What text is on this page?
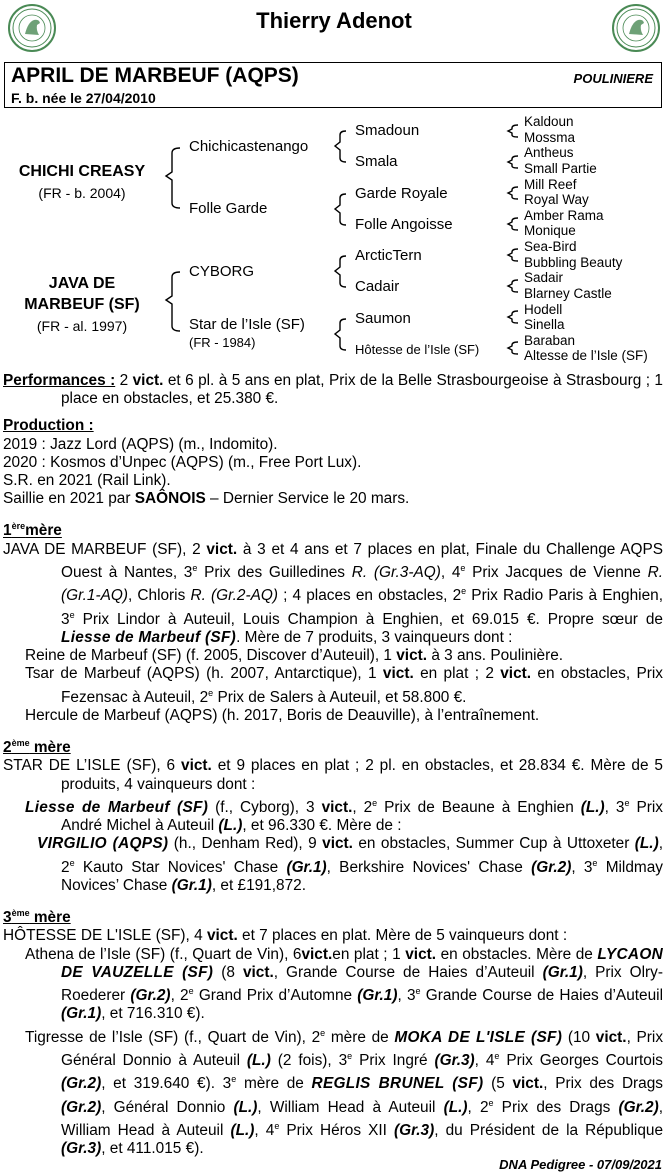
Thierry Adenot
APRIL DE MARBEUF (AQPS)	POULINIERE
F. b. née le 27/04/2010
CHICHI CREASY
(FR - b. 2004)
JAVA DE
MARBEUF (SF)
(FR - al. 1997)
Chichicastenango
Folle Garde
CYBORG
Star de l’Isle (SF)
(FR - 1984)
Smadoun
Smala
Garde Royale
Folle Angoisse
ArcticTern
Cadair
Saumon
Hôtesse de l’Isle (SF)
Kaldoun
Mossma
Antheus
Small Partie
Mill Reef
Royal Way
Amber Rama
Monique
Sea-Bird
Bubbling Beauty
Sadair
Blarney Castle
Hodell
Sinella
Baraban
Altesse de l’Isle (SF)

Performances : 2 vict. et 6 pl. à 5 ans en plat, Prix de la Belle Strasbourgeoise à Strasbourg ; 1 place en obstacles, et 25.380 €.

Production :

2019 : Jazz Lord (AQPS) (m., Indomito).

2020 : Kosmos d’Unpec (AQPS) (m., Free Port Lux).

S.R. en 2021 (Rail Link).

Saillie en 2021 par SAÔNOIS – Dernier Service le 20 mars.

1èremère

JAVA DE MARBEUF (SF), 2 vict. à 3 et 4 ans et 7 places en plat, Finale du Challenge AQPS Ouest à Nantes, 3e Prix des Guilledines R. (Gr.3-AQ), 4e Prix Jacques de Vienne R. (Gr.1-AQ), Chloris R. (Gr.2-AQ) ; 4 places en obstacles, 2e Prix Radio Paris à Enghien, 3e Prix Lindor à Auteuil, Louis Champion à Enghien, et 69.015 €. Propre sœur de Liesse de Marbeuf (SF). Mère de 7 produits, 3 vainqueurs dont :

Reine de Marbeuf (SF) (f. 2005, Discover d’Auteuil), 1 vict. à 3 ans. Poulinière.

Tsar de Marbeuf (AQPS) (h. 2007, Antarctique), 1 vict. en plat ; 2 vict. en obstacles, Prix Fezensac à Auteuil, 2e Prix de Salers à Auteuil, et 58.800 €.

Hercule de Marbeuf (AQPS) (h. 2017, Boris de Deauville), à l’entraînement.

2ème mère

STAR DE L’ISLE (SF), 6 vict. et 9 places en plat ; 2 pl. en obstacles, et 28.834 €. Mère de 5 produits, 4 vainqueurs dont :

Liesse de Marbeuf (SF) (f., Cyborg), 3 vict., 2e Prix de Beaune à Enghien (L.), 3e Prix André Michel à Auteuil (L.), et 96.330 €. Mère de :

VIRGILIO (AQPS) (h., Denham Red), 9 vict. en obstacles, Summer Cup à Uttoxeter (L.), 2e Kauto Star Novices' Chase (Gr.1), Berkshire Novices' Chase (Gr.2), 3e Mildmay Novices’ Chase (Gr.1), et £191,872.

3ème mère

HÔTESSE DE L'ISLE (SF), 4 vict. et 7 places en plat. Mère de 5 vainqueurs dont :

Athena de l’Isle (SF) (f., Quart de Vin), 6vict.en plat ; 1 vict. en obstacles. Mère de LYCAON DE VAUZELLE (SF) (8 vict., Grande Course de Haies d’Auteuil (Gr.1), Prix Olry-Roederer (Gr.2), 2e Grand Prix d’Automne (Gr.1), 3e Grande Course de Haies d’Auteuil (Gr.1), et 716.310 €).

Tigresse de l’Isle (SF) (f., Quart de Vin), 2e mère de MOKA DE L'ISLE (SF) (10 vict., Prix Général Donnio à Auteuil (L.) (2 fois), 3e Prix Ingré (Gr.3), 4e Prix Georges Courtois (Gr.2), et 319.640 €). 3e mère de REGLIS BRUNEL (SF) (5 vict., Prix des Drags (Gr.2), Général Donnio (L.), William Head à Auteuil (L.), 2e Prix des Drags (Gr.2), William Head à Auteuil (L.), 4e Prix Héros XII (Gr.3), du Président de la République (Gr.3), et 411.015 €).

DNA Pedigree - 07/09/2021
